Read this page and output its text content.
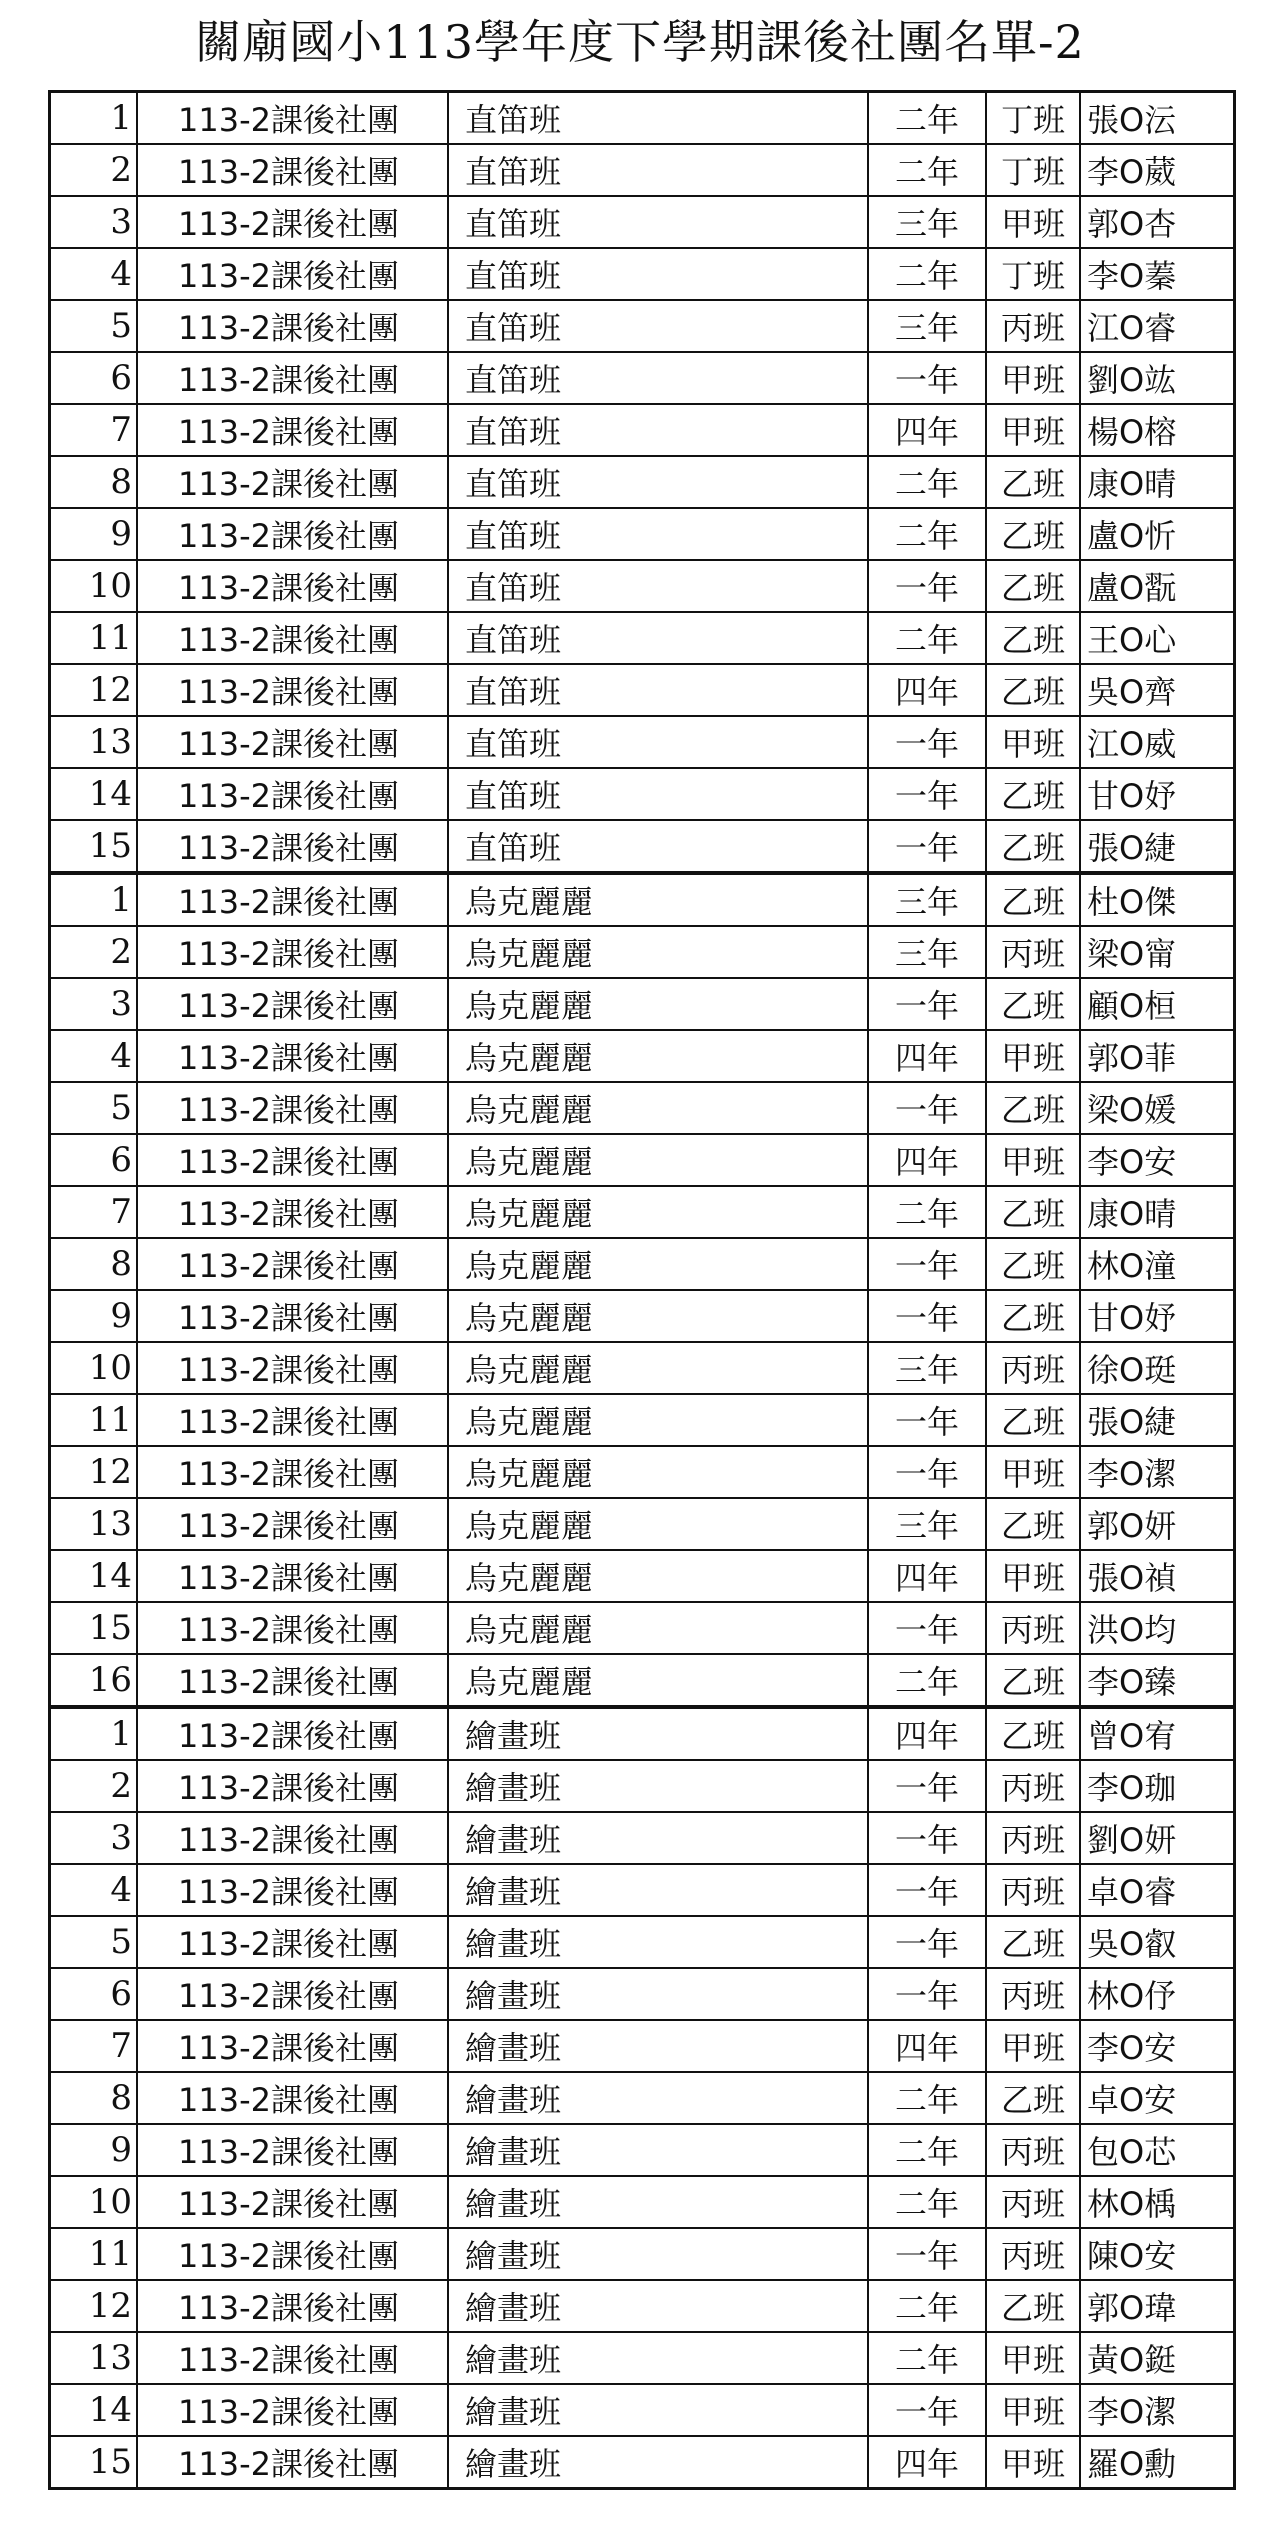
關廟國小113學年度下學期課後社團名單-2
1	113-2課後社團	直笛班	二年	丁班	張O沄
2	113-2課後社團	直笛班	二年	丁班	李O葳
3	113-2課後社團	直笛班	三年	甲班	郭O杏
4	113-2課後社團	直笛班	二年	丁班	李O蓁
5	113-2課後社團	直笛班	三年	丙班	江O睿
6	113-2課後社團	直笛班	一年	甲班	劉O竑
7	113-2課後社團	直笛班	四年	甲班	楊O榕
8	113-2課後社團	直笛班	二年	乙班	康O晴
9	113-2課後社團	直笛班	二年	乙班	盧O忻
10	113-2課後社團	直笛班	一年	乙班	盧O翫
11	113-2課後社團	直笛班	二年	乙班	王O心
12	113-2課後社團	直笛班	四年	乙班	吳O齊
13	113-2課後社團	直笛班	一年	甲班	江O威
14	113-2課後社團	直笛班	一年	乙班	甘O妤
15	113-2課後社團	直笛班	一年	乙班	張O緁
1	113-2課後社團	烏克麗麗	三年	乙班	杜O傑
2	113-2課後社團	烏克麗麗	三年	丙班	梁O甯
3	113-2課後社團	烏克麗麗	一年	乙班	顧O桓
4	113-2課後社團	烏克麗麗	四年	甲班	郭O菲
5	113-2課後社團	烏克麗麗	一年	乙班	梁O媛
6	113-2課後社團	烏克麗麗	四年	甲班	李O安
7	113-2課後社團	烏克麗麗	二年	乙班	康O晴
8	113-2課後社團	烏克麗麗	一年	乙班	林O潼
9	113-2課後社團	烏克麗麗	一年	乙班	甘O妤
10	113-2課後社團	烏克麗麗	三年	丙班	徐O珽
11	113-2課後社團	烏克麗麗	一年	乙班	張O緁
12	113-2課後社團	烏克麗麗	一年	甲班	李O潔
13	113-2課後社團	烏克麗麗	三年	乙班	郭O妍
14	113-2課後社團	烏克麗麗	四年	甲班	張O禎
15	113-2課後社團	烏克麗麗	一年	丙班	洪O均
16	113-2課後社團	烏克麗麗	二年	乙班	李O臻
1	113-2課後社團	繪畫班	四年	乙班	曾O宥
2	113-2課後社團	繪畫班	一年	丙班	李O珈
3	113-2課後社團	繪畫班	一年	丙班	劉O妍
4	113-2課後社團	繪畫班	一年	丙班	卓O睿
5	113-2課後社團	繪畫班	一年	乙班	吳O叡
6	113-2課後社團	繪畫班	一年	丙班	林O伃
7	113-2課後社團	繪畫班	四年	甲班	李O安
8	113-2課後社團	繪畫班	二年	乙班	卓O安
9	113-2課後社團	繪畫班	二年	丙班	包O芯
10	113-2課後社團	繪畫班	二年	丙班	林O楀
11	113-2課後社團	繪畫班	一年	丙班	陳O安
12	113-2課後社團	繪畫班	二年	乙班	郭O瑋
13	113-2課後社團	繪畫班	二年	甲班	黃O鋌
14	113-2課後社團	繪畫班	一年	甲班	李O潔
15	113-2課後社團	繪畫班	四年	甲班	羅O勳
